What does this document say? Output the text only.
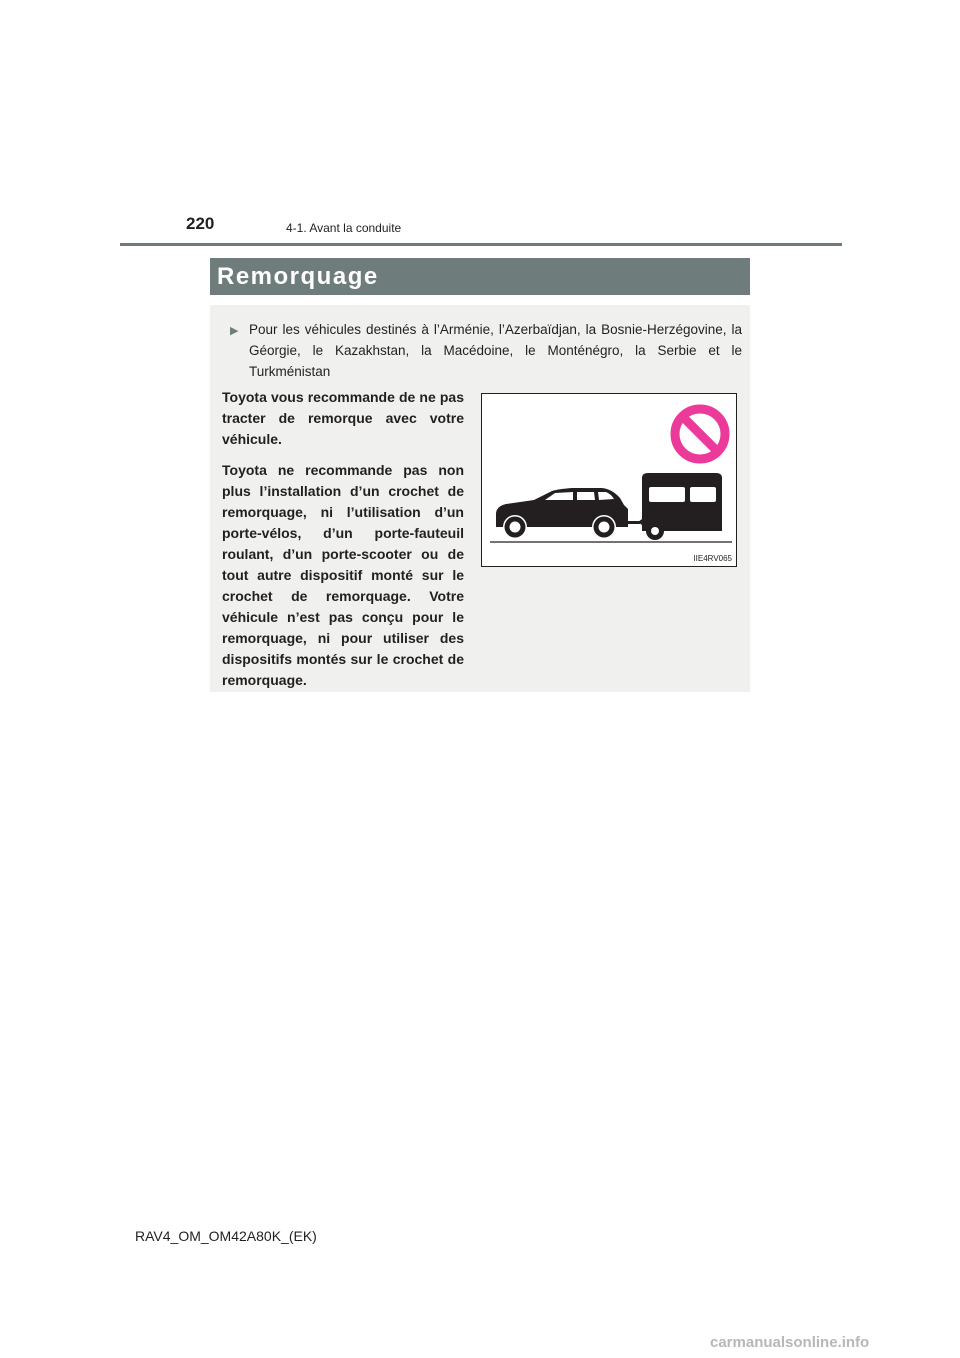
220	4-1. Avant la conduite
Remorquage
▶ Pour les véhicules destinés à l’Arménie, l’Azerbaïdjan, la Bosnie-Herzégovine, la Géorgie, le Kazakhstan, la Macédoine, le Monténégro, la Serbie et le Turkménistan

Toyota vous recommande de ne pas tracter de remorque avec votre véhicule.

Toyota ne recommande pas non plus l’installation d’un crochet de remorquage, ni l’utilisation d’un porte-vélos, d’un porte-fauteuil roulant, d’un porte-scooter ou de tout autre dispositif monté sur le crochet de remorquage. Votre véhicule n’est pas conçu pour le remorquage, ni pour utiliser des dispositifs montés sur le crochet de remorquage.

IIE4RV065
RAV4_OM_OM42A80K_(EK)
carmanualsonline.info
